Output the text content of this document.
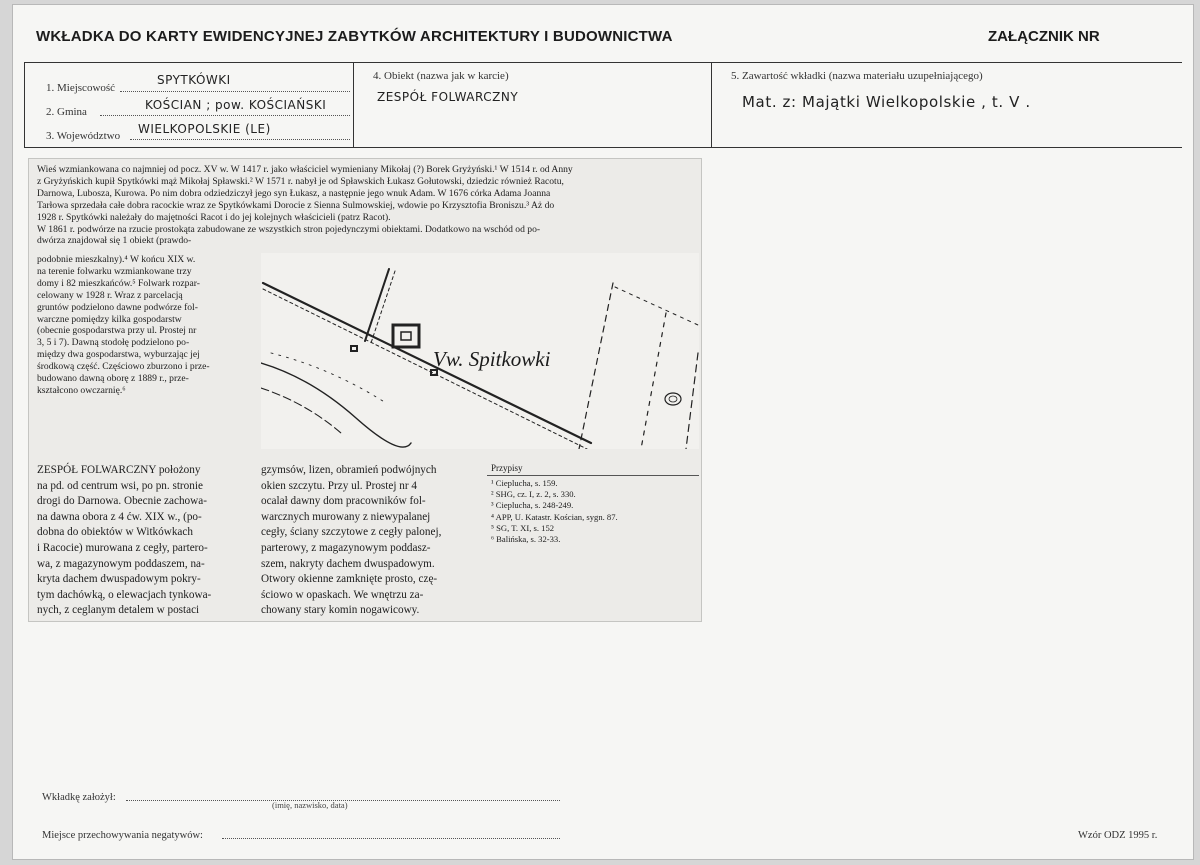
WKŁADKA DO KARTY EWIDENCYJNEJ ZABYTKÓW ARCHITEKTURY I BUDOWNICTWA	ZAŁĄCZNIK NR
1. Miejscowość
SPYTKÓWKI
2. Gmina	KOŚCIAN ; pow. KOŚCIAŃSKI
3. Województwo WIELKOPOLSKIE (LE)
4. Obiekt (nazwa jak w karcie)
ZESPÓŁ FOLWARCZNY
5. Zawartość wkładki (nazwa materiału uzupełniającego)
Mat. z: Majątki Wielkopolskie , t. V .
Wieś wzmiankowana co najmniej od pocz. XV w. W 1417 r. jako właściciel wymieniany Mikołaj (?) Borek Gryżyński.¹ W 1514 r. od Anny
z Gryżyńskich kupił Spytkówki mąż Mikołaj Spławski.² W 1571 r. nabył je od Spławskich Łukasz Gołutowski, dziedzic również Racotu,
Darnowa, Lubosza, Kurowa. Po nim dobra odziedziczył jego syn Łukasz, a następnie jego wnuk Adam. W 1676 córka Adama Joanna
Tarłowa sprzedała całe dobra racockie wraz ze Spytkówkami Dorocie z Sienna Sulmowskiej, wdowie po Krzysztofia Broniszu.³ Aż do
1928 r. Spytkówki należały do majętności Racot i do jej kolejnych właścicieli (patrz Racot).
W 1861 r. podwórze na rzucie prostokąta zabudowane ze wszystkich stron pojedynczymi obiektami. Dodatkowo na wschód od po-
dwórza znajdował się 1 obiekt (prawdo-
podobnie mieszkalny).⁴ W końcu XIX w.
na terenie folwarku wzmiankowane trzy
domy i 82 mieszkańców.⁵ Folwark rozpar-
celowany w 1928 r. Wraz z parcelacją
gruntów podzielono dawne podwórze fol-
warczne pomiędzy kilka gospodarstw
(obecnie gospodarstwa przy ul. Prostej nr
3, 5 i 7). Dawną stodołę podzielono po-
między dwa gospodarstwa, wyburzając jej
środkową część. Częściowo zburzono i prze-
budowano dawną oborę z 1889 r., prze-
kształcono owczarnię.⁶
Vw. Spitkowki
ZESPÓŁ FOLWARCZNY położony
na pd. od centrum wsi, po pn. stronie
drogi do Darnowa. Obecnie zachowa-
na dawna obora z 4 ćw. XIX w., (po-
dobna do obiektów w Witkówkach
i Racocie) murowana z cegły, partero-
wa, z magazynowym poddaszem, na-
kryta dachem dwuspadowym pokry-
tym dachówką, o elewacjach tynkowa-
nych, z ceglanym detalem w postaci
gzymsów, lizen, obramień podwójnych
okien szczytu. Przy ul. Prostej nr 4
ocalał dawny dom pracowników fol-
warcznych murowany z niewypalanej
cegły, ściany szczytowe z cegły palonej,
parterowy, z magazynowym poddasz-
szem, nakryty dachem dwuspadowym.
Otwory okienne zamknięte prosto, czę-
ściowo w opaskach. We wnętrzu za-
chowany stary komin nogawicowy.
Przypisy
¹ Cieplucha, s. 159.
² SHG, cz. I, z. 2, s. 330.
³ Cieplucha, s. 248-249.
⁴ APP, U. Katastr. Kościan, sygn. 87.
⁵ SG, T. XI, s. 152
⁶ Balińska, s. 32-33.
Wkładkę założył:
(imię, nazwisko, data)
Miejsce przechowywania negatywów:	Wzór ODZ 1995 r.
